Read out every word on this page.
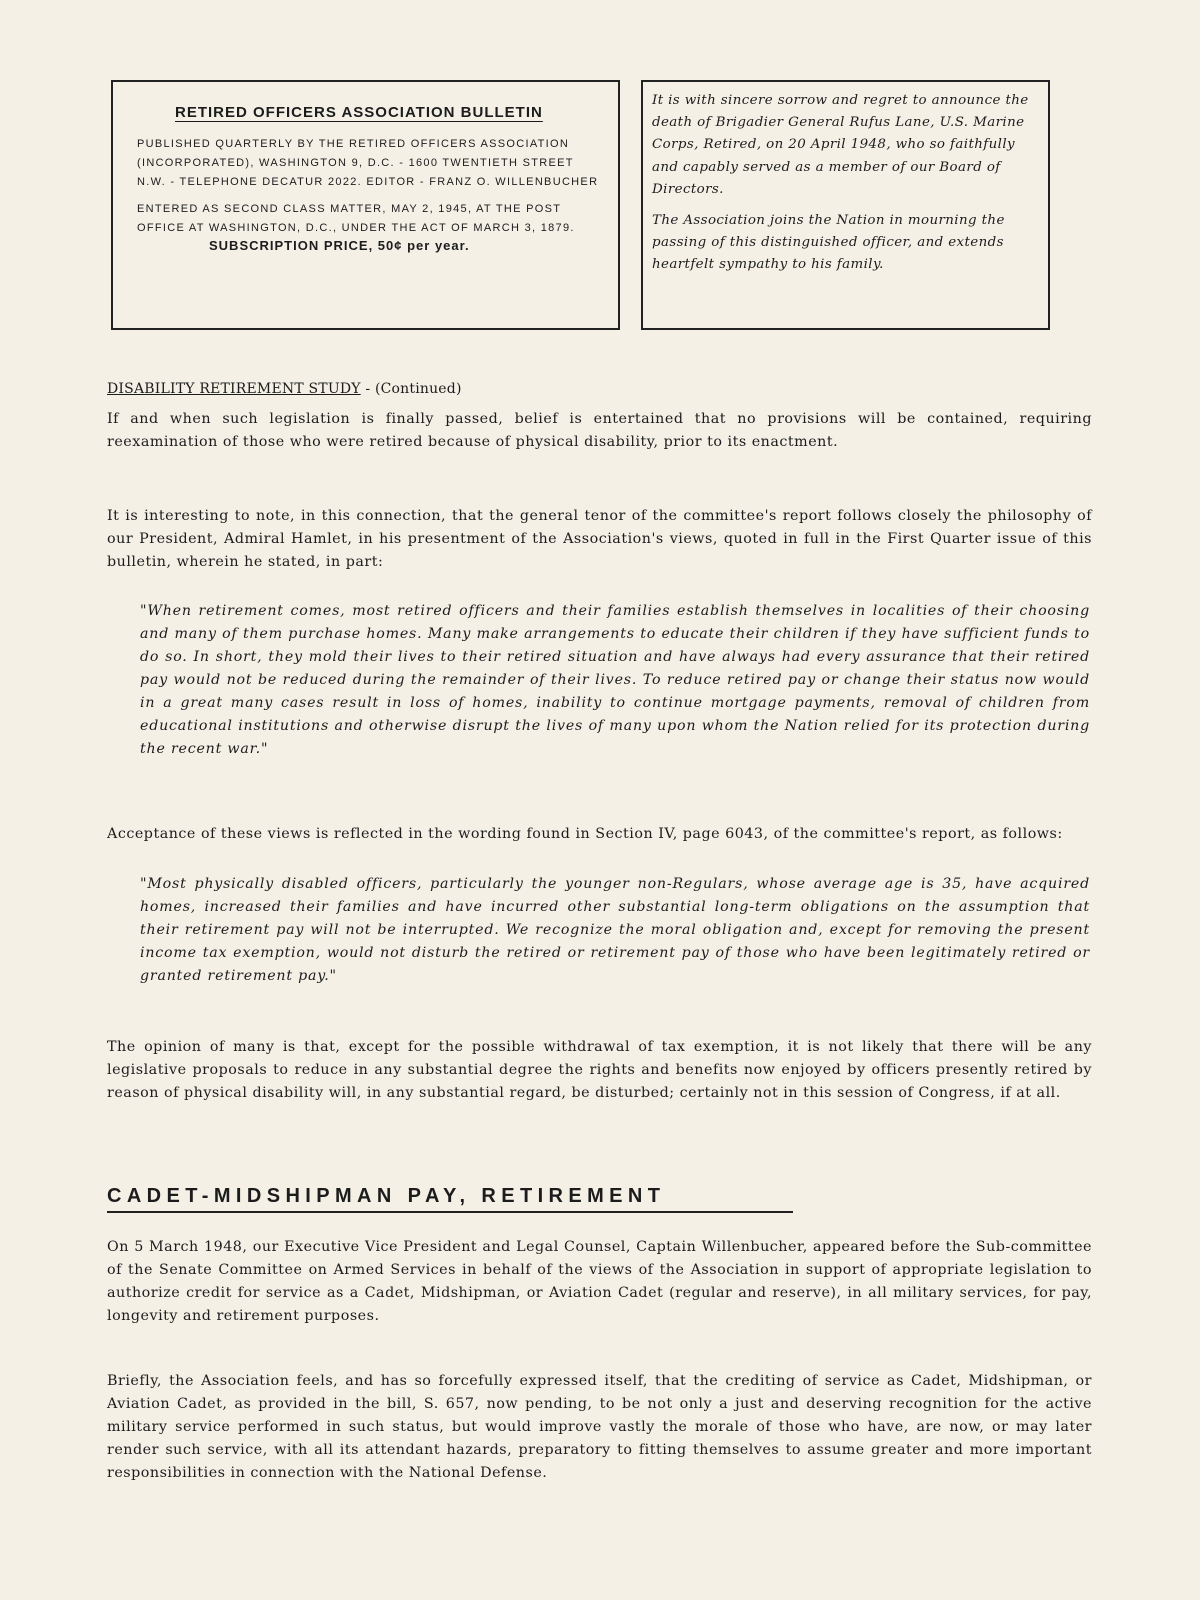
RETIRED OFFICERS ASSOCIATION BULLETIN

PUBLISHED QUARTERLY BY THE RETIRED OFFICERS ASSOCIATION (INCORPORATED), WASHINGTON 9, D.C. - 1600 TWENTIETH STREET N.W. - TELEPHONE DECATUR 2022. EDITOR - FRANZ O. WILLENBUCHER

ENTERED AS SECOND CLASS MATTER, MAY 2, 1945, AT THE POST OFFICE AT WASHINGTON, D.C., UNDER THE ACT OF MARCH 3, 1879.

SUBSCRIPTION PRICE, 50¢ per year.

It is with sincere sorrow and regret to announce the death of Brigadier General Rufus Lane, U.S. Marine Corps, Retired, on 20 April 1948, who so faithfully and capably served as a member of our Board of Directors.

The Association joins the Nation in mourning the passing of this distinguished officer, and extends heartfelt sympathy to his family.

DISABILITY RETIREMENT STUDY - (Continued)

If and when such legislation is finally passed, belief is entertained that no provisions will be contained, requiring reexamination of those who were retired because of physical disability, prior to its enactment.

It is interesting to note, in this connection, that the general tenor of the committee's report follows closely the philosophy of our President, Admiral Hamlet, in his presentment of the Association's views, quoted in full in the First Quarter issue of this bulletin, wherein he stated, in part:

"When retirement comes, most retired officers and their families establish themselves in localities of their choosing and many of them purchase homes. Many make arrangements to educate their children if they have sufficient funds to do so. In short, they mold their lives to their retired situation and have always had every assurance that their retired pay would not be reduced during the remainder of their lives. To reduce retired pay or change their status now would in a great many cases result in loss of homes, inability to continue mortgage payments, removal of children from educational institutions and otherwise disrupt the lives of many upon whom the Nation relied for its protection during the recent war."

Acceptance of these views is reflected in the wording found in Section IV, page 6043, of the committee's report, as follows:

"Most physically disabled officers, particularly the younger non-Regulars, whose average age is 35, have acquired homes, increased their families and have incurred other substantial long-term obligations on the assumption that their retirement pay will not be interrupted. We recognize the moral obligation and, except for removing the present income tax exemption, would not disturb the retired or retirement pay of those who have been legitimately retired or granted retirement pay."

The opinion of many is that, except for the possible withdrawal of tax exemption, it is not likely that there will be any legislative proposals to reduce in any substantial degree the rights and benefits now enjoyed by officers presently retired by reason of physical disability will, in any substantial regard, be disturbed; certainly not in this session of Congress, if at all.

CADET-MIDSHIPMAN PAY, RETIREMENT

On 5 March 1948, our Executive Vice President and Legal Counsel, Captain Willenbucher, appeared before the Sub-committee of the Senate Committee on Armed Services in behalf of the views of the Association in support of appropriate legislation to authorize credit for service as a Cadet, Midshipman, or Aviation Cadet (regular and reserve), in all military services, for pay, longevity and retirement purposes.

Briefly, the Association feels, and has so forcefully expressed itself, that the crediting of service as Cadet, Midshipman, or Aviation Cadet, as provided in the bill, S. 657, now pending, to be not only a just and deserving recognition for the active military service performed in such status, but would improve vastly the morale of those who have, are now, or may later render such service, with all its attendant hazards, preparatory to fitting themselves to assume greater and more important responsibilities in connection with the National Defense.
